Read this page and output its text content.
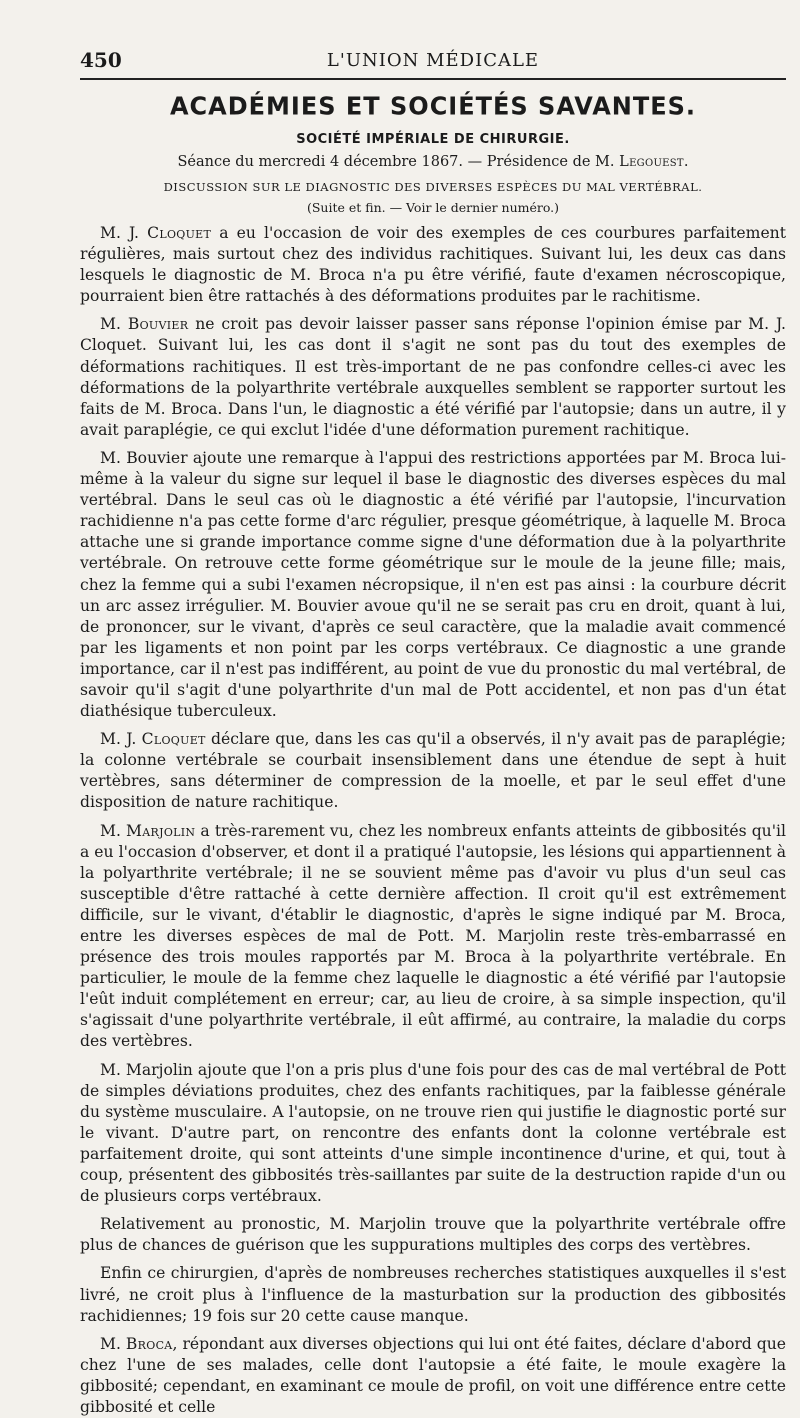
450	L'UNION MÉDICALE
ACADÉMIES ET SOCIÉTÉS SAVANTES.
SOCIÉTÉ IMPÉRIALE DE CHIRURGIE.
Séance du mercredi 4 décembre 1867. — Présidence de M. Legouest.
DISCUSSION SUR LE DIAGNOSTIC DES DIVERSES ESPÈCES DU MAL VERTÉBRAL.
(Suite et fin. — Voir le dernier numéro.)

M. J. Cloquet a eu l'occasion de voir des exemples de ces courbures parfaitement régulières, mais surtout chez des individus rachitiques. Suivant lui, les deux cas dans lesquels le diagnostic de M. Broca n'a pu être vérifié, faute d'examen nécroscopique, pourraient bien être rattachés à des déformations produites par le rachitisme.

M. Bouvier ne croit pas devoir laisser passer sans réponse l'opinion émise par M. J. Cloquet. Suivant lui, les cas dont il s'agit ne sont pas du tout des exemples de déformations rachitiques. Il est très-important de ne pas confondre celles-ci avec les déformations de la polyarthrite vertébrale auxquelles semblent se rapporter surtout les faits de M. Broca. Dans l'un, le diagnostic a été vérifié par l'autopsie; dans un autre, il y avait paraplégie, ce qui exclut l'idée d'une déformation purement rachitique.

M. Bouvier ajoute une remarque à l'appui des restrictions apportées par M. Broca lui-même à la valeur du signe sur lequel il base le diagnostic des diverses espèces du mal vertébral. Dans le seul cas où le diagnostic a été vérifié par l'autopsie, l'incurvation rachidienne n'a pas cette forme d'arc régulier, presque géométrique, à laquelle M. Broca attache une si grande importance comme signe d'une déformation due à la polyarthrite vertébrale. On retrouve cette forme géométrique sur le moule de la jeune fille; mais, chez la femme qui a subi l'examen nécropsique, il n'en est pas ainsi : la courbure décrit un arc assez irrégulier. M. Bouvier avoue qu'il ne se serait pas cru en droit, quant à lui, de prononcer, sur le vivant, d'après ce seul caractère, que la maladie avait commencé par les ligaments et non point par les corps vertébraux. Ce diagnostic a une grande importance, car il n'est pas indifférent, au point de vue du pronostic du mal vertébral, de savoir qu'il s'agit d'une polyarthrite d'un mal de Pott accidentel, et non pas d'un état diathésique tuberculeux.

M. J. Cloquet déclare que, dans les cas qu'il a observés, il n'y avait pas de paraplégie; la colonne vertébrale se courbait insensiblement dans une étendue de sept à huit vertèbres, sans déterminer de compression de la moelle, et par le seul effet d'une disposition de nature rachitique.

M. Marjolin a très-rarement vu, chez les nombreux enfants atteints de gibbosités qu'il a eu l'occasion d'observer, et dont il a pratiqué l'autopsie, les lésions qui appartiennent à la polyarthrite vertébrale; il ne se souvient même pas d'avoir vu plus d'un seul cas susceptible d'être rattaché à cette dernière affection. Il croit qu'il est extrêmement difficile, sur le vivant, d'établir le diagnostic, d'après le signe indiqué par M. Broca, entre les diverses espèces de mal de Pott. M. Marjolin reste très-embarrassé en présence des trois moules rapportés par M. Broca à la polyarthrite vertébrale. En particulier, le moule de la femme chez laquelle le diagnostic a été vérifié par l'autopsie l'eût induit complétement en erreur; car, au lieu de croire, à sa simple inspection, qu'il s'agissait d'une polyarthrite vertébrale, il eût affirmé, au contraire, la maladie du corps des vertèbres.

M. Marjolin ajoute que l'on a pris plus d'une fois pour des cas de mal vertébral de Pott de simples déviations produites, chez des enfants rachitiques, par la faiblesse générale du système musculaire. A l'autopsie, on ne trouve rien qui justifie le diagnostic porté sur le vivant. D'autre part, on rencontre des enfants dont la colonne vertébrale est parfaitement droite, qui sont atteints d'une simple incontinence d'urine, et qui, tout à coup, présentent des gibbosités très-saillantes par suite de la destruction rapide d'un ou de plusieurs corps vertébraux.

Relativement au pronostic, M. Marjolin trouve que la polyarthrite vertébrale offre plus de chances de guérison que les suppurations multiples des corps des vertèbres.

Enfin ce chirurgien, d'après de nombreuses recherches statistiques auxquelles il s'est livré, ne croit plus à l'influence de la masturbation sur la production des gibbosités rachidiennes; 19 fois sur 20 cette cause manque.

M. Broca, répondant aux diverses objections qui lui ont été faites, déclare d'abord que chez l'une de ses malades, celle dont l'autopsie a été faite, le moule exagère la gibbosité; cependant, en examinant ce moule de profil, on voit une différence entre cette gibbosité et celle
